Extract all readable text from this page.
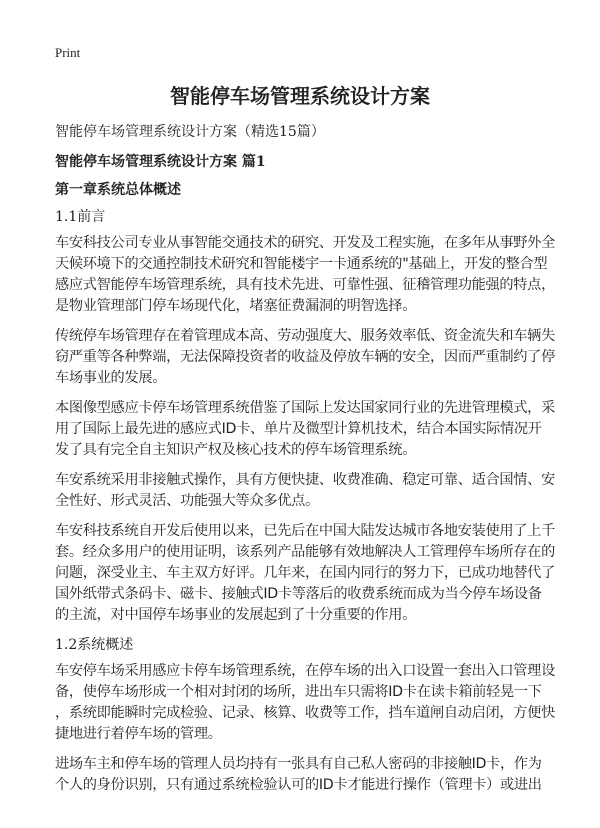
Print
智能停车场管理系统设计方案
智能停车场管理系统设计方案（精选15篇）
智能停车场管理系统设计方案 篇1
第一章系统总体概述
1.1前言
车安科技公司专业从事智能交通技术的研究、开发及工程实施，在多年从事野外全
天候环境下的交通控制技术研究和智能楼宇一卡通系统的"基础上，开发的整合型
感应式智能停车场管理系统，具有技术先进、可靠性强、征稽管理功能强的特点，
是物业管理部门停车场现代化，堵塞征费漏洞的明智选择。
传统停车场管理存在着管理成本高、劳动强度大、服务效率低、资金流失和车辆失
窃严重等各种弊端，无法保障投资者的收益及停放车辆的安全，因而严重制约了停
车场事业的发展。
本图像型感应卡停车场管理系统借鉴了国际上发达国家同行业的先进管理模式，采
用了国际上最先进的感应式ID卡、单片及微型计算机技术，结合本国实际情况开
发了具有完全自主知识产权及核心技术的停车场管理系统。
车安系统采用非接触式操作，具有方便快捷、收费准确、稳定可靠、适合国情、安
全性好、形式灵活、功能强大等众多优点。
车安科技系统自开发后使用以来，已先后在中国大陆发达城市各地安装使用了上千
套。经众多用户的使用证明，该系列产品能够有效地解决人工管理停车场所存在的
问题，深受业主、车主双方好评。几年来，在国内同行的努力下，已成功地替代了
国外纸带式条码卡、磁卡、接触式ID卡等落后的收费系统而成为当今停车场设备
的主流，对中国停车场事业的发展起到了十分重要的作用。
1.2系统概述
车安停车场采用感应卡停车场管理系统，在停车场的出入口设置一套出入口管理设
备，使停车场形成一个相对封闭的场所，进出车只需将ID卡在读卡箱前轻晃一下
，系统即能瞬时完成检验、记录、核算、收费等工作，挡车道闸自动启闭，方便快
捷地进行着停车场的管理。
进场车主和停车场的管理人员均持有一张具有自己私人密码的非接触ID卡，作为
个人的身份识别，只有通过系统检验认可的ID卡才能进行操作（管理卡）或进出
